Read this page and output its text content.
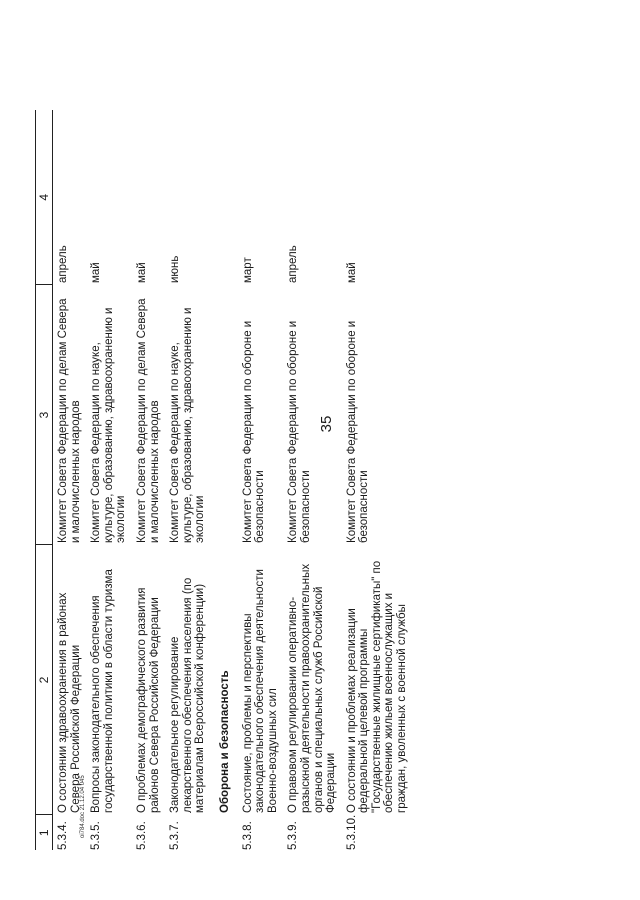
35
1	2	3	4
5.3.4.	О состоянии здравоохранения в районах Севера Российской Федерации	Комитет Совета Федерации по делам Севера и малочисленных народов	апрель
5.3.5.	Вопросы законодательного обеспечения государственной политики в области туризма	Комитет Совета Федерации по науке, культуре, образованию, здравоохранению и экологии	май
5.3.6.	О проблемах демографического развития районов Севера Российской Федерации	Комитет Совета Федерации по делам Севера и малочисленных народов	май
5.3.7.	Законодательное регулирование лекарственного обеспечения населения (по материалам Всероссийской конференции)	Комитет Совета Федерации по науке, культуре, образованию, здравоохранению и экологии	июнь
	Оборона и безопасность		
5.3.8.	Состояние, проблемы и перспективы законодательного обеспечения деятельности Военно-воздушных сил	Комитет Совета Федерации по обороне и безопасности	март
5.3.9.	О правовом регулировании оперативно-разыскной деятельности правоохранительных органов и специальных служб Российской Федерации	Комитет Совета Федерации по обороне и безопасности	апрель
5.3.10.	О состоянии и проблемах реализации федеральной целевой программы "Государственные жилищные сертификаты" по обеспечению жильем военнослужащих и граждан, уволенных с военной службы	Комитет Совета Федерации по обороне и безопасности	май
oi784.doc 21.12.04 045
